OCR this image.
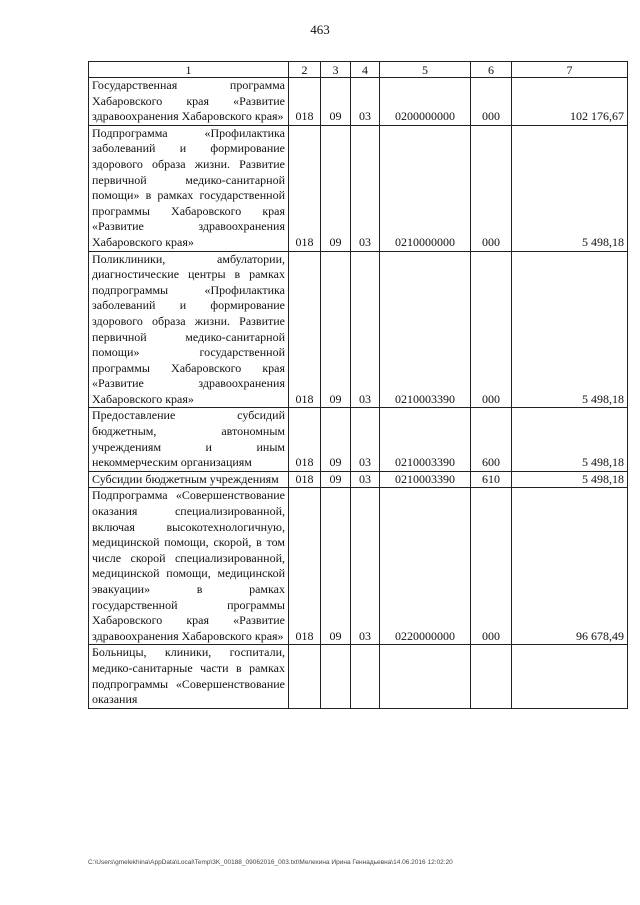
463
1	2	3	4	5	6	7
Государственная программа Хабаровского края «Развитие здравоохранения Хабаровского края»	018	09	03	0200000000	000	102 176,67
Подпрограмма «Профилактика заболеваний и формирование здорового образа жизни. Развитие первичной медико-санитарной помощи» в рамках государственной программы Хабаровского края «Развитие здравоохранения Хабаровского края»	018	09	03	0210000000	000	5 498,18
Поликлиники, амбулатории, диагностические центры в рамках подпрограммы «Профилактика заболеваний и формирование здорового образа жизни. Развитие первичной медико-санитарной помощи» государственной программы Хабаровского края «Развитие здравоохранения Хабаровского края»	018	09	03	0210003390	000	5 498,18
Предоставление субсидий бюджетным, автономным учреждениям и иным некоммерческим организациям	018	09	03	0210003390	600	5 498,18
Субсидии бюджетным учреждениям	018	09	03	0210003390	610	5 498,18
Подпрограмма «Совершенствование оказания специализированной, включая высокотехнологичную, медицинской помощи, скорой, в том числе скорой специализированной, медицинской помощи, медицинской эвакуации» в рамках государственной программы Хабаровского края «Развитие здравоохранения Хабаровского края»	018	09	03	0220000000	000	96 678,49
Больницы, клиники, госпитали, медико-санитарные части в рамках подпрограммы «Совершенствование оказания						
C:\Users\gmelekhina\AppData\Local\Temp\3K_00188_09062016_003.txt\Мелехина Ирина Геннадьевна\14.06.2016 12:02:20
